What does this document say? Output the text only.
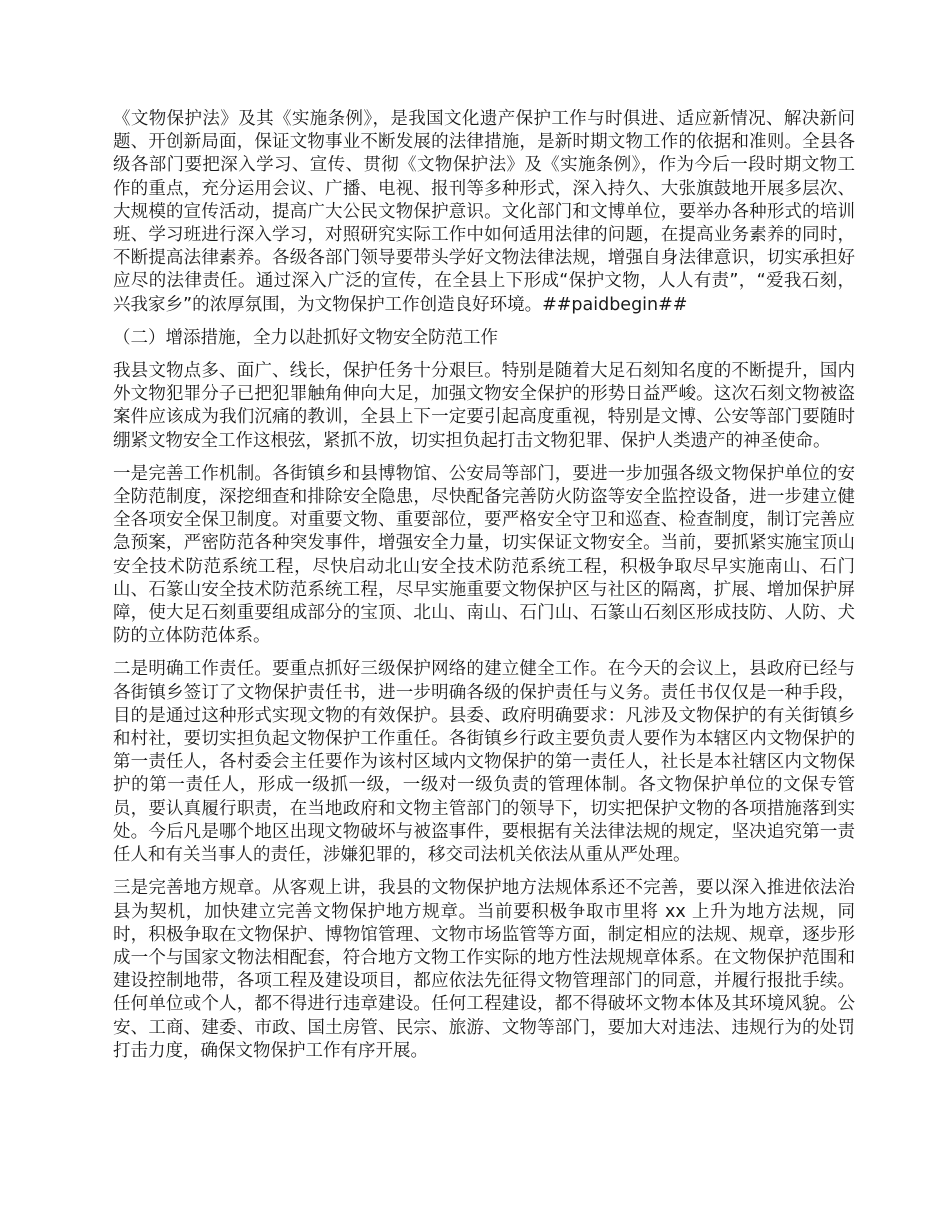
《文物保护法》及其《实施条例》，是我国文化遗产保护工作与时俱进、适应新情况、解决新问题、开创新局面，保证文物事业不断发展的法律措施，是新时期文物工作的依据和准则。全县各级各部门要把深入学习、宣传、贯彻《文物保护法》及《实施条例》，作为今后一段时期文物工作的重点，充分运用会议、广播、电视、报刊等多种形式，深入持久、大张旗鼓地开展多层次、大规模的宣传活动，提高广大公民文物保护意识。文化部门和文博单位，要举办各种形式的培训班、学习班进行深入学习，对照研究实际工作中如何适用法律的问题，在提高业务素养的同时，不断提高法律素养。各级各部门领导要带头学好文物法律法规，增强自身法律意识，切实承担好应尽的法律责任。通过深入广泛的宣传，在全县上下形成“保护文物，人人有责”，“爱我石刻，兴我家乡”的浓厚氛围，为文物保护工作创造良好环境。##paidbegin##

（二）增添措施，全力以赴抓好文物安全防范工作

我县文物点多、面广、线长，保护任务十分艰巨。特别是随着大足石刻知名度的不断提升，国内外文物犯罪分子已把犯罪触角伸向大足，加强文物安全保护的形势日益严峻。这次石刻文物被盗案件应该成为我们沉痛的教训，全县上下一定要引起高度重视，特别是文博、公安等部门要随时绷紧文物安全工作这根弦，紧抓不放，切实担负起打击文物犯罪、保护人类遗产的神圣使命。

一是完善工作机制。各街镇乡和县博物馆、公安局等部门，要进一步加强各级文物保护单位的安全防范制度，深挖细查和排除安全隐患，尽快配备完善防火防盗等安全监控设备，进一步建立健全各项安全保卫制度。对重要文物、重要部位，要严格安全守卫和巡查、检查制度，制订完善应急预案，严密防范各种突发事件，增强安全力量，切实保证文物安全。当前，要抓紧实施宝顶山安全技术防范系统工程，尽快启动北山安全技术防范系统工程，积极争取尽早实施南山、石门山、石篆山安全技术防范系统工程，尽早实施重要文物保护区与社区的隔离，扩展、增加保护屏障，使大足石刻重要组成部分的宝顶、北山、南山、石门山、石篆山石刻区形成技防、人防、犬防的立体防范体系。

二是明确工作责任。要重点抓好三级保护网络的建立健全工作。在今天的会议上，县政府已经与各街镇乡签订了文物保护责任书，进一步明确各级的保护责任与义务。责任书仅仅是一种手段，目的是通过这种形式实现文物的有效保护。县委、政府明确要求：凡涉及文物保护的有关街镇乡和村社，要切实担负起文物保护工作重任。各街镇乡行政主要负责人要作为本辖区内文物保护的第一责任人，各村委会主任要作为该村区域内文物保护的第一责任人，社长是本社辖区内文物保护的第一责任人，形成一级抓一级，一级对一级负责的管理体制。各文物保护单位的文保专管员，要认真履行职责，在当地政府和文物主管部门的领导下，切实把保护文物的各项措施落到实处。今后凡是哪个地区出现文物破坏与被盗事件，要根据有关法律法规的规定，坚决追究第一责任人和有关当事人的责任，涉嫌犯罪的，移交司法机关依法从重从严处理。

三是完善地方规章。从客观上讲，我县的文物保护地方法规体系还不完善，要以深入推进依法治县为契机，加快建立完善文物保护地方规章。当前要积极争取市里将 xx 上升为地方法规，同时，积极争取在文物保护、博物馆管理、文物市场监管等方面，制定相应的法规、规章，逐步形成一个与国家文物法相配套，符合地方文物工作实际的地方性法规规章体系。在文物保护范围和建设控制地带，各项工程及建设项目，都应依法先征得文物管理部门的同意，并履行报批手续。任何单位或个人，都不得进行违章建设。任何工程建设，都不得破坏文物本体及其环境风貌。公安、工商、建委、市政、国土房管、民宗、旅游、文物等部门，要加大对违法、违规行为的处罚打击力度，确保文物保护工作有序开展。
